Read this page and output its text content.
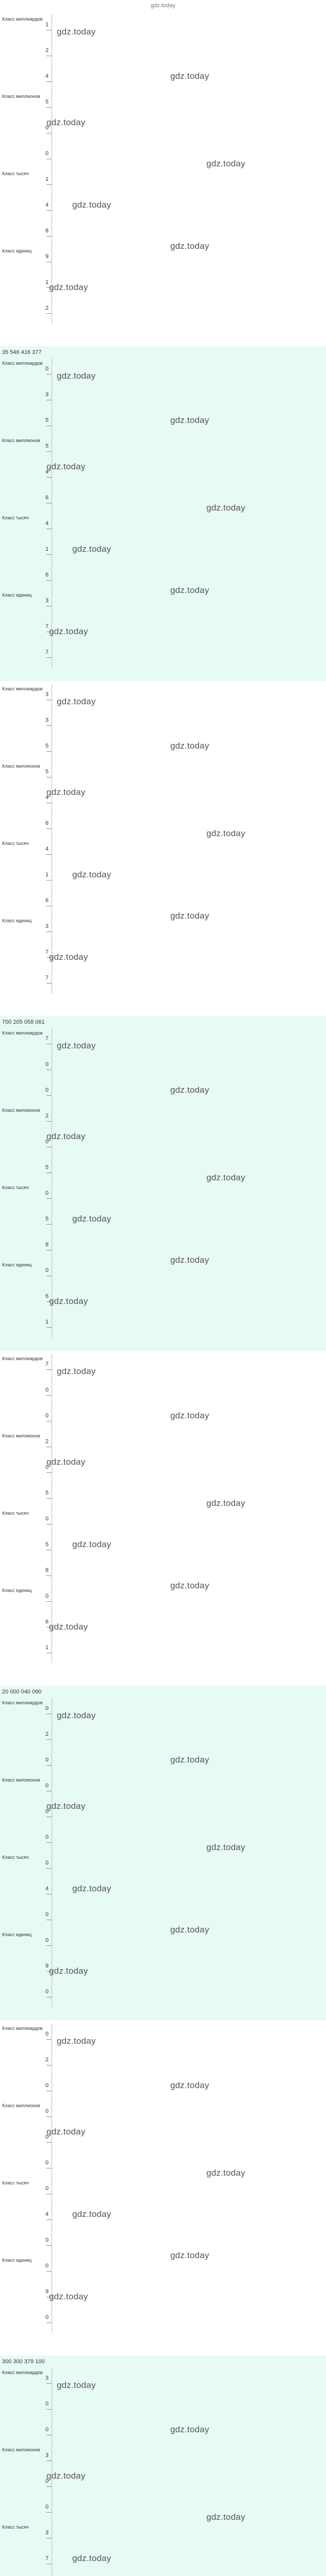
gdz.today
Класс миллиардов
Класс миллионов
Класс тысяч
Класс единиц
1
2
4
5
0
0
1
4
8
9
1
2
gdz.today
gdz.today
gdz.today
gdz.today
gdz.today
gdz.today
gdz.today
35 546 416 377
Класс миллиардов
Класс миллионов
Класс тысяч
Класс единиц
0
3
5
5
4
6
4
1
6
3
7
7
gdz.today
gdz.today
gdz.today
gdz.today
gdz.today
gdz.today
gdz.today
Класс миллиардов
Класс миллионов
Класс тысяч
Класс единиц
3
3
5
5
4
6
4
1
6
3
7
7
gdz.today
gdz.today
gdz.today
gdz.today
gdz.today
gdz.today
gdz.today
700 205 058 061
Класс миллиардов
Класс миллионов
Класс тысяч
Класс единиц
7
0
0
2
0
5
0
5
8
0
6
1
gdz.today
gdz.today
gdz.today
gdz.today
gdz.today
gdz.today
gdz.today
Класс миллиардов
Класс миллионов
Класс тысяч
Класс единиц
7
0
0
2
0
5
0
5
8
0
6
1
gdz.today
gdz.today
gdz.today
gdz.today
gdz.today
gdz.today
gdz.today
20 000 040 090
Класс миллиардов
Класс миллионов
Класс тысяч
Класс единиц
0
2
0
0
0
0
0
4
0
0
9
0
gdz.today
gdz.today
gdz.today
gdz.today
gdz.today
gdz.today
gdz.today
Класс миллиардов
Класс миллионов
Класс тысяч
Класс единиц
0
2
0
0
0
0
0
4
0
0
9
0
gdz.today
gdz.today
gdz.today
gdz.today
gdz.today
gdz.today
gdz.today
300 300 379 100
Класс миллиардов
Класс миллионов
Класс тысяч
3
0
0
3
0
0
3
7
gdz.today
gdz.today
gdz.today
gdz.today
gdz.today
